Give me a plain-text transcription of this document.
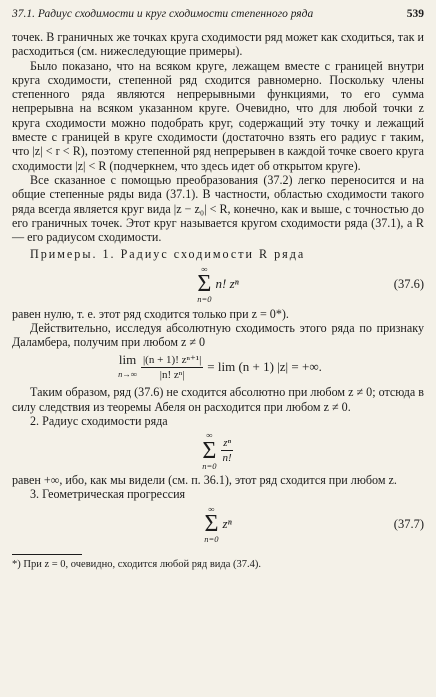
37.1. Радиус сходимости и круг сходимости степенного ряда	539

точек. В граничных же точках круга сходимости ряд может как сходиться, так и расходиться (см. нижеследующие примеры).

Было показано, что на всяком круге, лежащем вместе с границей внутри круга сходимости, степенной ряд сходится равномерно. Поскольку члены степенного ряда являются непрерывными функциями, то его сумма непрерывна на всяком указанном круге. Очевидно, что для любой точки z круга сходимости можно подобрать круг, содержащий эту точку и лежащий вместе с границей в круге сходимости (достаточно взять его радиус r таким, что |z| < r < R), поэтому степенной ряд непрерывен в каждой точке своего круга сходимости |z| < R (подчеркнем, что здесь идет об открытом круге).

Все сказанное с помощью преобразования (37.2) легко переносится и на общие степенные ряды вида (37.1). В частности, областью сходимости такого ряда всегда является круг вида |z − z₀| < R, конечно, как и выше, с точностью до его граничных точек. Этот круг называется кругом сходимости ряда (37.1), а R — его радиусом сходимости.

Примеры. 1. Радиус сходимости R ряда

∞
Σ
n=0
n! zⁿ	(37.6)

равен нулю, т. е. этот ряд сходится только при z = 0*).

Действительно, исследуя абсолютную сходимость этого ряда по признаку Даламбера, получим при любом z ≠ 0

lim
$n\to\infty \frac{\text{|(n + 1)! zⁿ⁺¹|}}{\text{|n! zⁿ|}} = \lim (n + 1) |z|$ = +∞.

Таким образом, ряд (37.6) не сходится абсолютно при любом z ≠ 0; отсюда в силу следствия из теоремы Абеля он расходится при любом z ≠ 0.

2. Радиус сходимости ряда

∞
Σ
n=0
$\frac{\text{zⁿ}}{n!}$

равен +∞, ибо, как мы видели (см. п. 36.1), этот ряд сходится при любом z.

3. Геометрическая прогрессия

∞
Σ
n=0
zⁿ	(37.7)

*) При z = 0, очевидно, сходится любой ряд вида (37.4).
